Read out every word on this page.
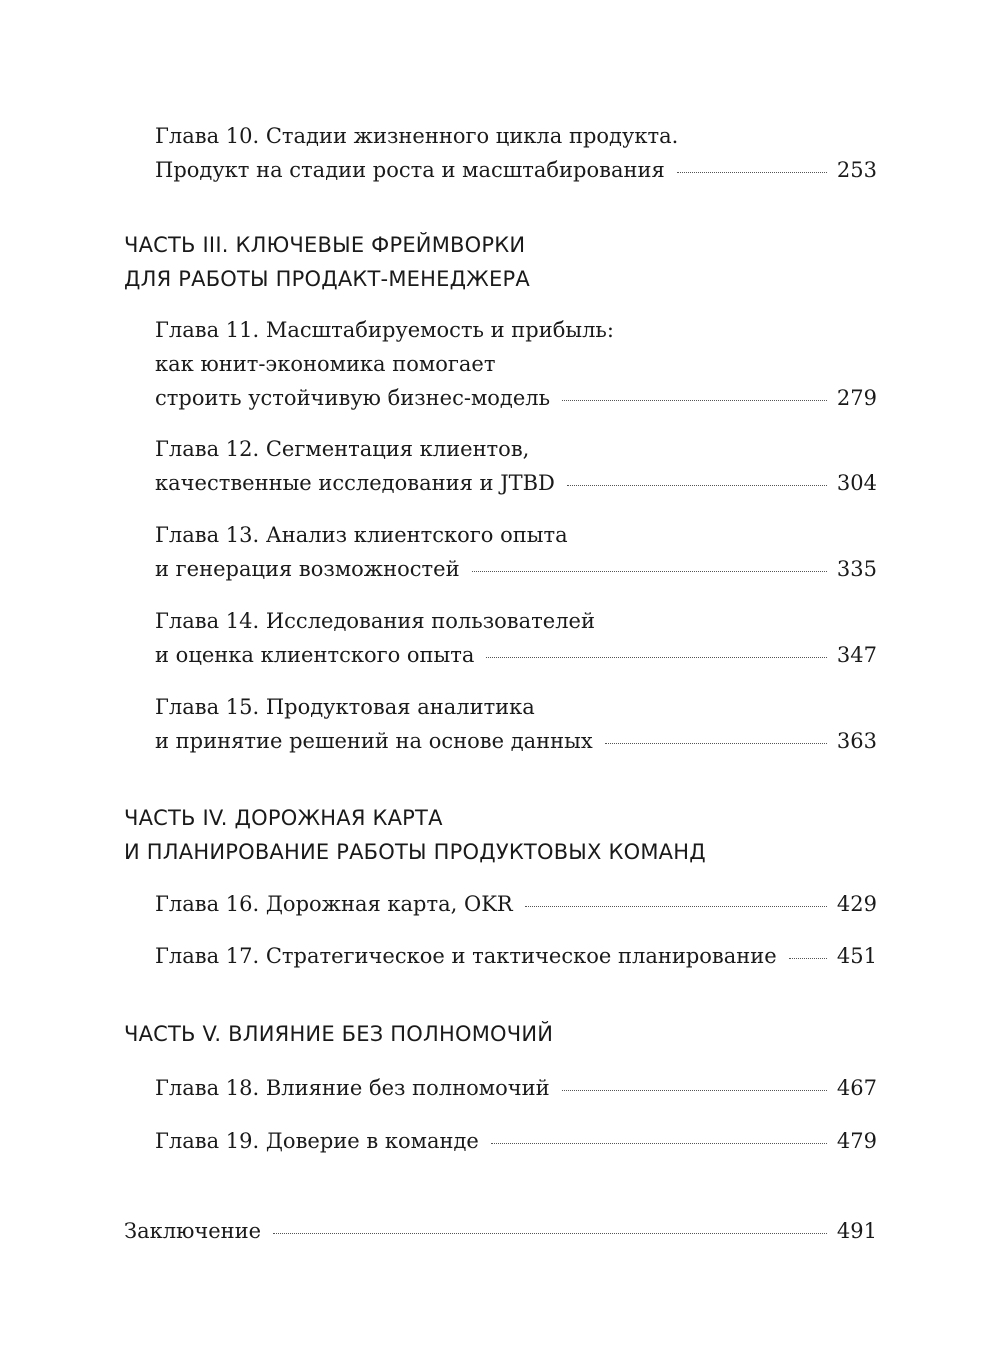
Глава 10. Стадии жизненного цикла продукта.
Продукт на стадии роста и масштабирования	253
ЧАСТЬ III. КЛЮЧЕВЫЕ ФРЕЙМВОРКИ
ДЛЯ РАБОТЫ ПРОДАКТ-МЕНЕДЖЕРА
Глава 11. Масштабируемость и прибыль:
как юнит-экономика помогает
строить устойчивую бизнес-модель	279
Глава 12. Сегментация клиентов,
качественные исследования и JTBD	304
Глава 13. Анализ клиентского опыта
и генерация возможностей	335
Глава 14. Исследования пользователей
и оценка клиентского опыта	347
Глава 15. Продуктовая аналитика
и принятие решений на основе данных	363
ЧАСТЬ IV. ДОРОЖНАЯ КАРТА
И ПЛАНИРОВАНИЕ РАБОТЫ ПРОДУКТОВЫХ КОМАНД
Глава 16. Дорожная карта, OKR	429
Глава 17. Стратегическое и тактическое планирование	451
ЧАСТЬ V. ВЛИЯНИЕ БЕЗ ПОЛНОМОЧИЙ
Глава 18. Влияние без полномочий	467
Глава 19. Доверие в команде	479
Заключение	491
